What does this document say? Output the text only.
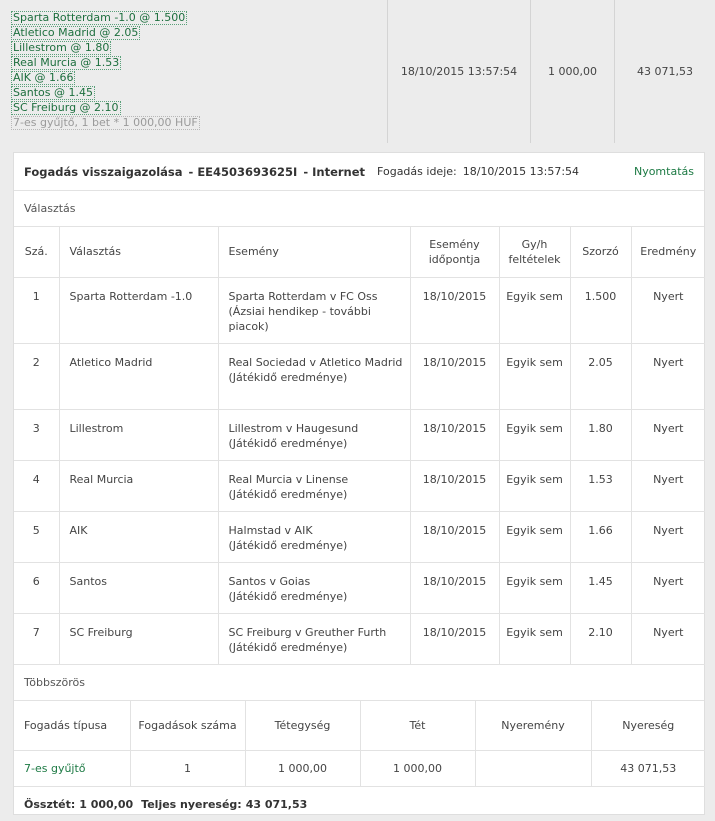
Sparta Rotterdam -1.0 @ 1.500
Atletico Madrid @ 2.05
Lillestrom @ 1.80
Real Murcia @ 1.53
AIK @ 1.66
Santos @ 1.45
SC Freiburg @ 2.10
7-es gyűjtő, 1 bet * 1 000,00 HUF
18/10/2015 13:57:54	1 000,00	43 071,53
Fogadás visszaigazolása - EE4503693625I - Internet Fogadás ideje: 18/10/2015 13:57:54	Nyomtatás
Választás
Szá.	Választás	Esemény	Esemény időpontja	Gy/h feltételek	Szorzó	Eredmény
1	Sparta Rotterdam -1.0	Sparta Rotterdam v FC Oss
(Ázsiai hendikep - további piacok)	18/10/2015	Egyik sem	1.500	Nyert
2	Atletico Madrid	Real Sociedad v Atletico Madrid
(Játékidő eredménye)	18/10/2015	Egyik sem	2.05	Nyert
3	Lillestrom	Lillestrom v Haugesund
(Játékidő eredménye)	18/10/2015	Egyik sem	1.80	Nyert
4	Real Murcia	Real Murcia v Linense
(Játékidő eredménye)	18/10/2015	Egyik sem	1.53	Nyert
5	AIK	Halmstad v AIK
(Játékidő eredménye)	18/10/2015	Egyik sem	1.66	Nyert
6	Santos	Santos v Goias
(Játékidő eredménye)	18/10/2015	Egyik sem	1.45	Nyert
7	SC Freiburg	SC Freiburg v Greuther Furth
(Játékidő eredménye)	18/10/2015	Egyik sem	2.10	Nyert
Többszörös
Fogadás típusa	Fogadások száma	Tétegység	Tét	Nyeremény	Nyereség
7-es gyűjtő	1	1 000,00	1 000,00		43 071,53
Össztét: 1 000,00 Teljes nyereség: 43 071,53
